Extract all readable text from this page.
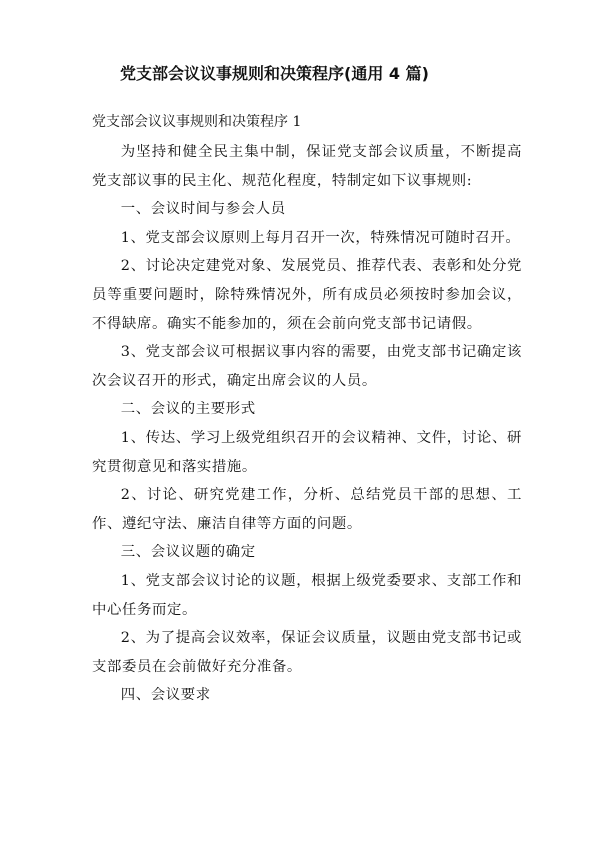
党支部会议议事规则和决策程序(通用 4 篇)
党支部会议议事规则和决策程序 1

为坚持和健全民主集中制，保证党支部会议质量，不断提高党支部议事的民主化、规范化程度，特制定如下议事规则:

一、会议时间与参会人员

1、党支部会议原则上每月召开一次，特殊情况可随时召开。

2、讨论决定建党对象、发展党员、推荐代表、表彰和处分党员等重要问题时，除特殊情况外，所有成员必须按时参加会议，不得缺席。确实不能参加的，须在会前向党支部书记请假。

3、党支部会议可根据议事内容的需要，由党支部书记确定该次会议召开的形式，确定出席会议的人员。

二、会议的主要形式

1、传达、学习上级党组织召开的会议精神、文件，讨论、研究贯彻意见和落实措施。

2、讨论、研究党建工作，分析、总结党员干部的思想、工作、遵纪守法、廉洁自律等方面的问题。

三、会议议题的确定

1、党支部会议讨论的议题，根据上级党委要求、支部工作和中心任务而定。

2、为了提高会议效率，保证会议质量，议题由党支部书记或支部委员在会前做好充分准备。

四、会议要求
